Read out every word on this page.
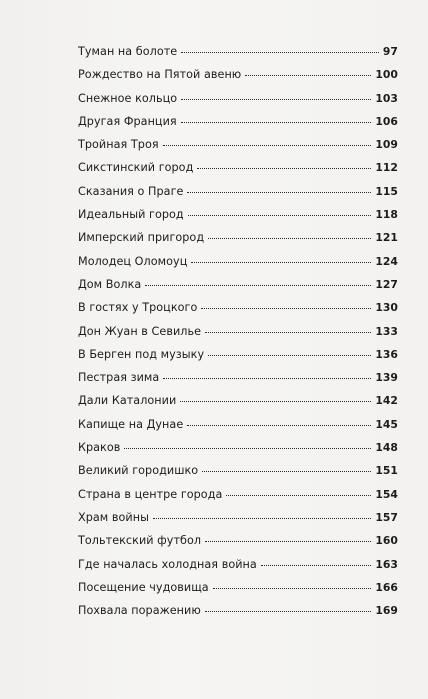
Туман на болоте	97
Рождество на Пятой авеню	100
Снежное кольцо	103
Другая Франция	106
Тройная Троя	109
Сикстинский город	112
Сказания о Праге	115
Идеальный город	118
Имперский пригород	121
Молодец Оломоуц	124
Дом Волка	127
В гостях у Троцкого	130
Дон Жуан в Севилье	133
В Берген под музыку	136
Пестрая зима	139
Дали Каталонии	142
Капище на Дунае	145
Краков	148
Великий городишко	151
Страна в центре города	154
Храм войны	157
Тольтекский футбол	160
Где началась холодная война	163
Посещение чудовища	166
Похвала поражению	169
